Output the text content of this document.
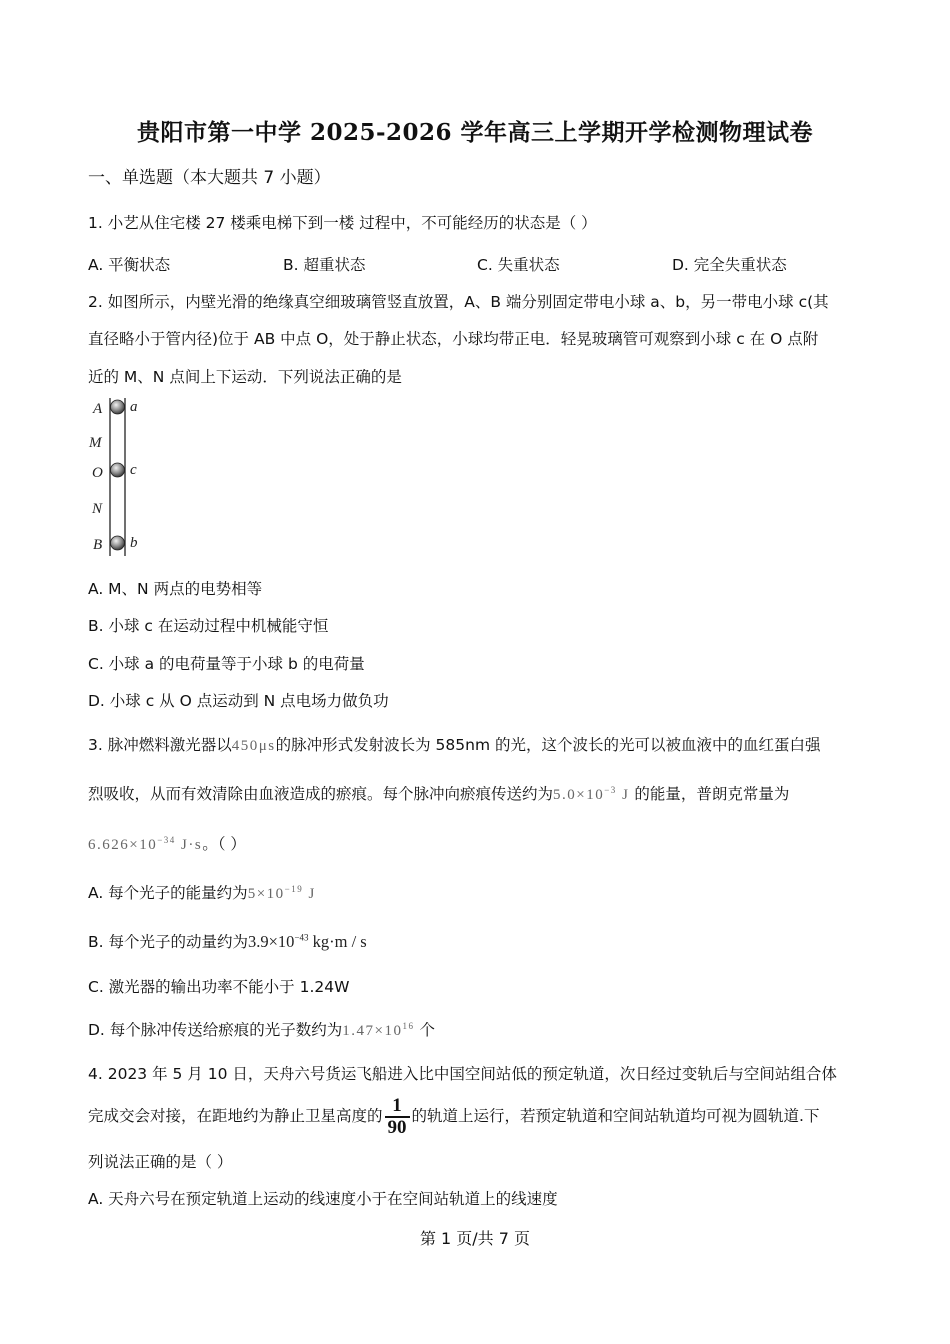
贵阳市第一中学 2025-2026 学年高三上学期开学检测物理试卷
一、单选题（本大题共 7 小题）
1. 小艺从住宅楼 27 楼乘电梯下到一楼 过程中，不可能经历的状态是（ ）
A. 平衡状态	B. 超重状态	C. 失重状态	D. 完全失重状态
2. 如图所示，内壁光滑的绝缘真空细玻璃管竖直放置，A、B 端分别固定带电小球 a、b，另一带电小球 c(其
直径略小于管内径)位于 AB 中点 O，处于静止状态，小球均带正电．轻晃玻璃管可观察到小球 c 在 O 点附
近的 M、N 点间上下运动．下列说法正确的是
A
M
O
N
B
a
c
b
A. M、N 两点的电势相等
B. 小球 c 在运动过程中机械能守恒
C. 小球 a 的电荷量等于小球 b 的电荷量
D. 小球 c 从 O 点运动到 N 点电场力做负功
3. 脉冲燃料激光器以450μs的脉冲形式发射波长为 585nm 的光，这个波长的光可以被血液中的血红蛋白强
烈吸收，从而有效清除由血液造成的瘀痕。每个脉冲向瘀痕传送约为$5.0\times 10^{-3}$ J 的能量，普朗克常量为
$6.626\times 10^{-34}$ J·s。（ ）
A. 每个光子的能量约为$5\times 10^{-19}$ J
B. 每个光子的动量约为$3.9\times 10^{-43}$ kg·m / s
C. 激光器的输出功率不能小于 1.24W
D. 每个脉冲传送给瘀痕的光子数约为$1.47\times 10^{16}$ 个
4. 2023 年 5 月 10 日，天舟六号货运飞船进入比中国空间站低的预定轨道，次日经过变轨后与空间站组合体
完成交会对接，在距地约为静止卫星高度的 $\frac{1}{90}$ 的轨道上运行，若预定轨道和空间站轨道均可视为圆轨道.下
列说法正确的是（ ）
A. 天舟六号在预定轨道上运动的线速度小于在空间站轨道上的线速度
第 1 页/共 7 页
